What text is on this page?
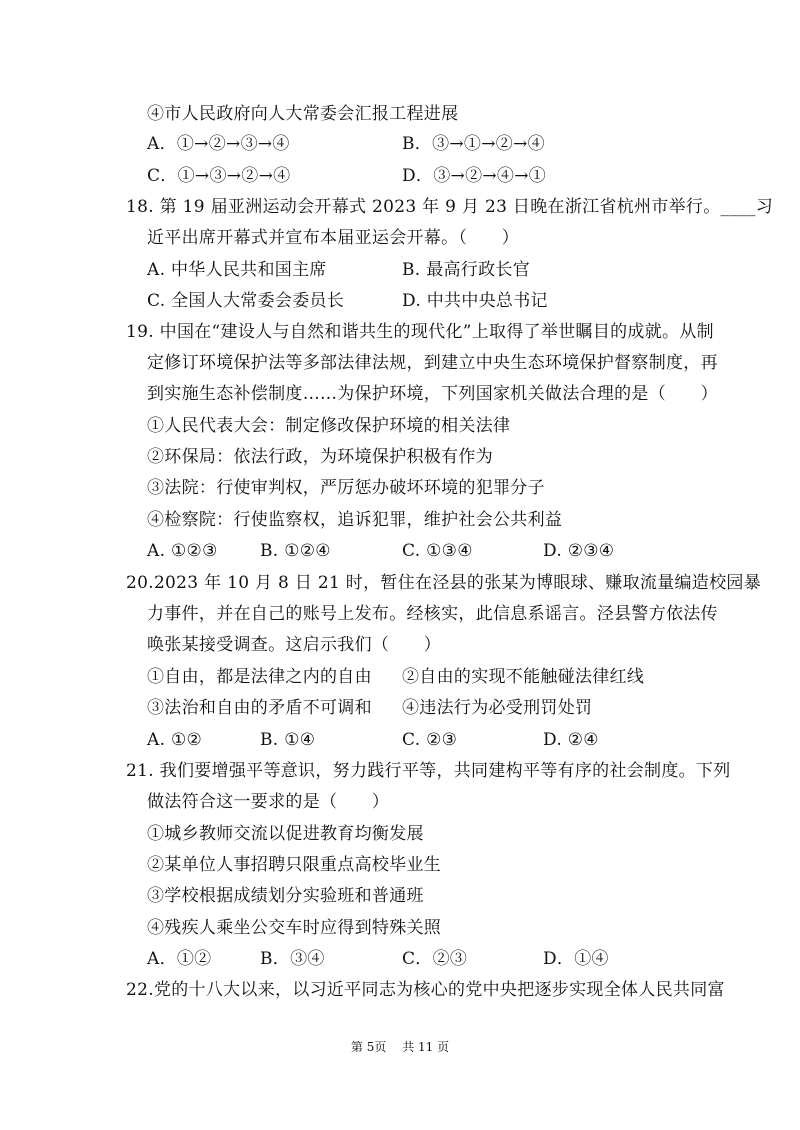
④市人民政府向人大常委会汇报工程进展
A．①→②→③→④	B．③→①→②→④
C．①→③→②→④	D．③→②→④→①
18. 第 19 届亚洲运动会开幕式 2023 年 9 月 23 日晚在浙江省杭州市举行。____习
近平出席开幕式并宣布本届亚运会开幕。（　　）
A. 中华人民共和国主席	B. 最高行政长官
C. 全国人大常委会委员长	D. 中共中央总书记
19. 中国在“建设人与自然和谐共生的现代化”上取得了举世瞩目的成就。从制
定修订环境保护法等多部法律法规，到建立中央生态环境保护督察制度，再
到实施生态补偿制度……为保护环境，下列国家机关做法合理的是（　　）
①人民代表大会：制定修改保护环境的相关法律
②环保局：依法行政，为环境保护积极有作为
③法院：行使审判权，严厉惩办破坏环境的犯罪分子
④检察院：行使监察权，追诉犯罪，维护社会公共利益
A. ①②③ B. ①②④	C. ①③④	D. ②③④
20.2023 年 10 月 8 日 21 时，暂住在泾县的张某为博眼球、赚取流量编造校园暴
力事件，并在自己的账号上发布。经核实，此信息系谣言。泾县警方依法传
唤张某接受调查。这启示我们（　　）
①自由，都是法律之内的自由 ②自由的实现不能触碰法律红线
③法治和自由的矛盾不可调和 ④违法行为必受刑罚处罚
A. ①②	B. ①④	C. ②③	D. ②④
21. 我们要增强平等意识，努力践行平等，共同建构平等有序的社会制度。下列
做法符合这一要求的是（　　）
①城乡教师交流以促进教育均衡发展
②某单位人事招聘只限重点高校毕业生
③学校根据成绩划分实验班和普通班
④残疾人乘坐公交车时应得到特殊关照
A．①②	B．③④	C．②③	D．①④
22.党的十八大以来，以习近平同志为核心的党中央把逐步实现全体人民共同富
第 5页 共 11 页
